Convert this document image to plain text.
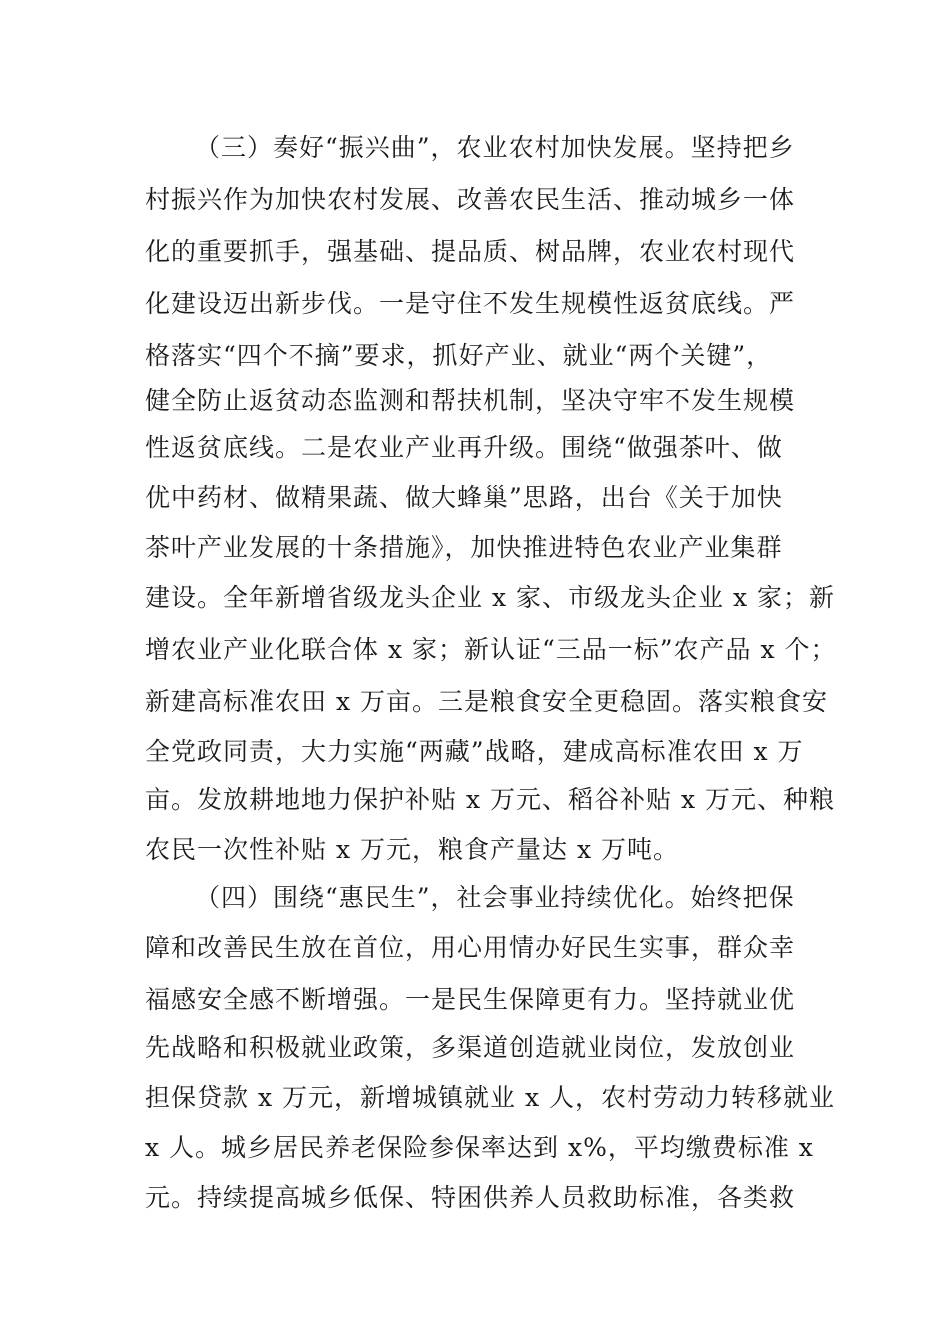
（三）奏好“振兴曲”，农业农村加快发展。坚持把乡
村振兴作为加快农村发展、改善农民生活、推动城乡一体
化的重要抓手，强基础、提品质、树品牌，农业农村现代
化建设迈出新步伐。一是守住不发生规模性返贫底线。严
格落实“四个不摘”要求，抓好产业、就业“两个关键”，
健全防止返贫动态监测和帮扶机制，坚决守牢不发生规模
性返贫底线。二是农业产业再升级。围绕“做强茶叶、做
优中药材、做精果蔬、做大蜂巢”思路，出台《关于加快
茶叶产业发展的十条措施》，加快推进特色农业产业集群
建设。全年新增省级龙头企业 x 家、市级龙头企业 x 家；新
增农业产业化联合体 x 家；新认证“三品一标”农产品 x 个；
新建高标准农田 x 万亩。三是粮食安全更稳固。落实粮食安
全党政同责，大力实施“两藏”战略，建成高标准农田 x 万
亩。发放耕地地力保护补贴 x 万元、稻谷补贴 x 万元、种粮
农民一次性补贴 x 万元，粮食产量达 x 万吨。
（四）围绕“惠民生”，社会事业持续优化。始终把保
障和改善民生放在首位，用心用情办好民生实事，群众幸
福感安全感不断增强。一是民生保障更有力。坚持就业优
先战略和积极就业政策，多渠道创造就业岗位，发放创业
担保贷款 x 万元，新增城镇就业 x 人，农村劳动力转移就业
x 人。城乡居民养老保险参保率达到 x%，平均缴费标准 x
元。持续提高城乡低保、特困供养人员救助标准，各类救
